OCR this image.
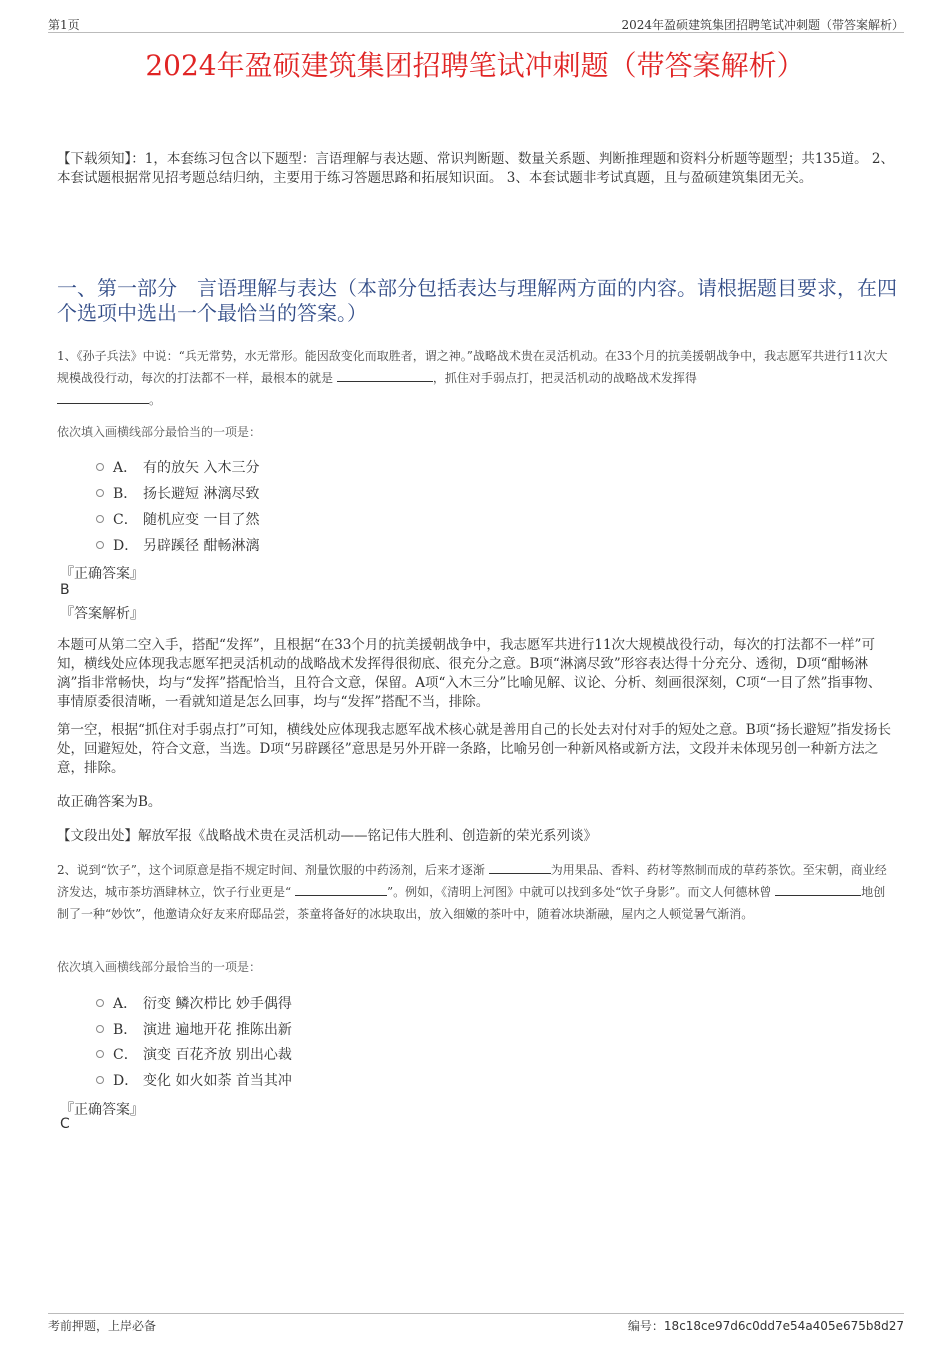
第1页	2024年盈硕建筑集团招聘笔试冲刺题（带答案解析）
2024年盈硕建筑集团招聘笔试冲刺题（带答案解析）
【下载须知】：1，本套练习包含以下题型：言语理解与表达题、常识判断题、数量关系题、判断推理题和资料分析题等题型；共135道。 2、本套试题根据常见招考题总结归纳，主要用于练习答题思路和拓展知识面。 3、本套试题非考试真题，且与盈硕建筑集团无关。
一、第一部分　言语理解与表达（本部分包括表达与理解两方面的内容。请根据题目要求，在四个选项中选出一个最恰当的答案。）
1、《孙子兵法》中说：“兵无常势，水无常形。能因敌变化而取胜者，谓之神。”战略战术贵在灵活机动。在33个月的抗美援朝战争中，我志愿军共进行11次大规模战役行动，每次的打法都不一样，最根本的就是	，抓住对手弱点打，把灵活机动的战略战术发挥得
。
依次填入画横线部分最恰当的一项是：
A． 有的放矢 入木三分
B． 扬长避短 淋漓尽致
C． 随机应变 一目了然
D． 另辟蹊径 酣畅淋漓
『正确答案』
B
『答案解析』
本题可从第二空入手，搭配“发挥”，且根据“在33个月的抗美援朝战争中，我志愿军共进行11次大规模战役行动，每次的打法都不一样”可知，横线处应体现我志愿军把灵活机动的战略战术发挥得很彻底、很充分之意。B项“淋漓尽致”形容表达得十分充分、透彻，D项“酣畅淋漓”指非常畅快，均与“发挥”搭配恰当，且符合文意，保留。A项“入木三分”比喻见解、议论、分析、刻画很深刻，C项“一目了然”指事物、事情原委很清晰，一看就知道是怎么回事，均与“发挥”搭配不当，排除。
第一空，根据“抓住对手弱点打”可知，横线处应体现我志愿军战术核心就是善用自己的长处去对付对手的短处之意。B项“扬长避短”指发扬长处，回避短处，符合文意，当选。D项“另辟蹊径”意思是另外开辟一条路，比喻另创一种新风格或新方法，文段并未体现另创一种新方法之意，排除。
故正确答案为B。
【文段出处】解放军报《战略战术贵在灵活机动——铭记伟大胜利、创造新的荣光系列谈》
2、说到“饮子”，这个词原意是指不规定时间、剂量饮服的中药汤剂，后来才逐渐	为用果品、香料、药材等熬制而成的草药茶饮。至宋朝，商业经济发达，城市茶坊酒肆林立，饮子行业更是“	”。例如，《清明上河图》中就可以找到多处“饮子身影”。而文人何德林曾	地创制了一种“妙饮”，他邀请众好友来府邸品尝，茶童将备好的冰块取出，放入细嫩的茶叶中，随着冰块渐融，屋内之人顿觉暑气渐消。
依次填入画横线部分最恰当的一项是：
A． 衍变 鳞次栉比 妙手偶得
B． 演进 遍地开花 推陈出新
C． 演变 百花齐放 别出心裁
D． 变化 如火如荼 首当其冲
『正确答案』
C
考前押题，上岸必备	编号：18c18ce97d6c0dd7e54a405e675b8d27
